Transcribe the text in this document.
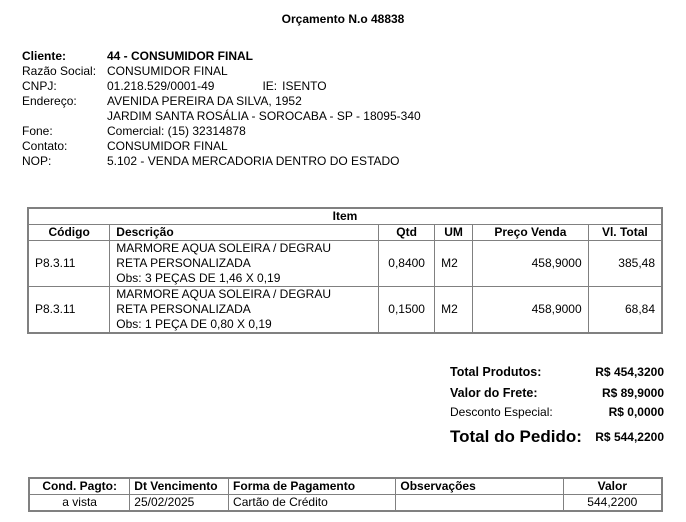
Orçamento N.o 48838
Cliente:	44 - CONSUMIDOR FINAL
Razão Social: CONSUMIDOR FINAL
CNPJ:	01.218.529/0001-49	IE: ISENTO
Endereço:	AVENIDA PEREIRA DA SILVA, 1952
JARDIM SANTA ROSÁLIA - SOROCABA - SP - 18095-340
Fone:	Comercial: (15) 32314878
Contato:	CONSUMIDOR FINAL
NOP:	5.102 - VENDA MERCADORIA DENTRO DO ESTADO
Item					
Código	Descrição	Qtd	UM	Preço Venda	Vl. Total
P8.3.11	MARMORE AQUA SOLEIRA / DEGRAU
RETA PERSONALIZADA
Obs: 3 PEÇAS DE 1,46 X 0,19	0,8400	M2	458,9000	385,48
P8.3.11	MARMORE AQUA SOLEIRA / DEGRAU
RETA PERSONALIZADA
Obs: 1 PEÇA DE 0,80 X 0,19	0,1500	M2	458,9000	68,84
Total Produtos:	R$ 454,3200
Valor do Frete:	R$ 89,9000
Desconto Especial:	R$ 0,0000
Total do Pedido: R$ 544,2200
Cond. Pagto:	Dt Vencimento	Forma de Pagamento	Observações	Valor
a vista	25/02/2025	Cartão de Crédito		544,2200
